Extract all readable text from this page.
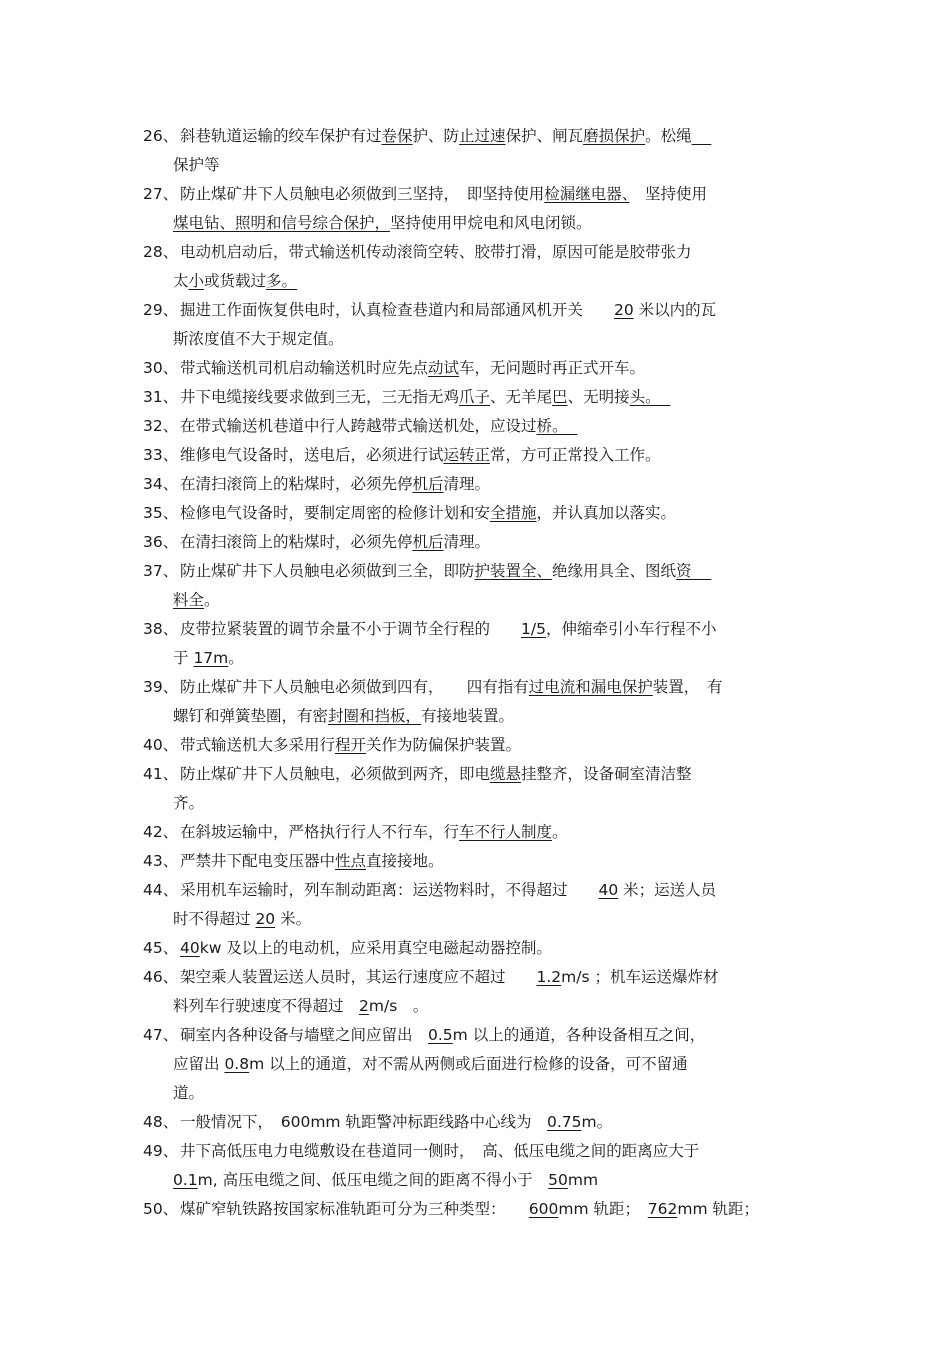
26、 斜巷轨道运输的绞车保护有过卷保护、防止过速保护、闸瓦磨损保护。松绳
保护等
27、 防止煤矿井下人员触电必须做到三坚持，　即坚持使用检漏继电器、　坚持使用
煤电钻、照明和信号综合保护，坚持使用甲烷电和风电闭锁。
28、 电动机启动后，带式输送机传动滚筒空转、胶带打滑，原因可能是胶带张力
太小或货载过多。
29、 掘进工作面恢复供电时，认真检查巷道内和局部通风机开关　　20 米以内的瓦
斯浓度值不大于规定值。
30、 带式输送机司机启动输送机时应先点动试车，无问题时再正式开车。
31、 井下电缆接线要求做到三无，三无指无鸡爪子、无羊尾巴、无明接头。
32、 在带式输送机巷道中行人跨越带式输送机处，应设过桥。
33、 维修电气设备时，送电后，必须进行试运转正常，方可正常投入工作。
34、 在清扫滚筒上的粘煤时，必须先停机后清理。
35、 检修电气设备时，要制定周密的检修计划和安全措施，并认真加以落实。
36、 在清扫滚筒上的粘煤时，必须先停机后清理。
37、 防止煤矿井下人员触电必须做到三全，即防护装置全、绝缘用具全、图纸资
料全。
38、 皮带拉紧装置的调节余量不小于调节全行程的　　1/5，伸缩牵引小车行程不小
于 17m。
39、 防止煤矿井下人员触电必须做到四有，　　四有指有过电流和漏电保护装置，　有
螺钉和弹簧垫圈，有密封圈和挡板，有接地装置。
40、 带式输送机大多采用行程开关作为防偏保护装置。
41、 防止煤矿井下人员触电，必须做到两齐，即电缆悬挂整齐，设备硐室清洁整
齐。
42、 在斜坡运输中，严格执行行人不行车，行车不行人制度。
43、 严禁井下配电变压器中性点直接接地。
44、 采用机车运输时，列车制动距离：运送物料时，不得超过　　40 米；运送人员
时不得超过 20 米。
45、 40kw 及以上的电动机，应采用真空电磁起动器控制。
46、 架空乘人装置运送人员时，其运行速度应不超过　　1.2m/s ；机车运送爆炸材
料列车行驶速度不得超过　2m/s　。
47、 硐室内各种设备与墙壁之间应留出　0.5m 以上的通道，各种设备相互之间，
应留出 0.8m 以上的通道，对不需从两侧或后面进行检修的设备，可不留通
道。
48、 一般情况下，　600mm 轨距警冲标距线路中心线为　0.75m。
49、 井下高低压电力电缆敷设在巷道同一侧时，　高、低压电缆之间的距离应大于
0.1m, 高压电缆之间、低压电缆之间的距离不得小于　50mm
50、 煤矿窄轨铁路按国家标准轨距可分为三种类型：　　600mm 轨距；　762mm 轨距；
